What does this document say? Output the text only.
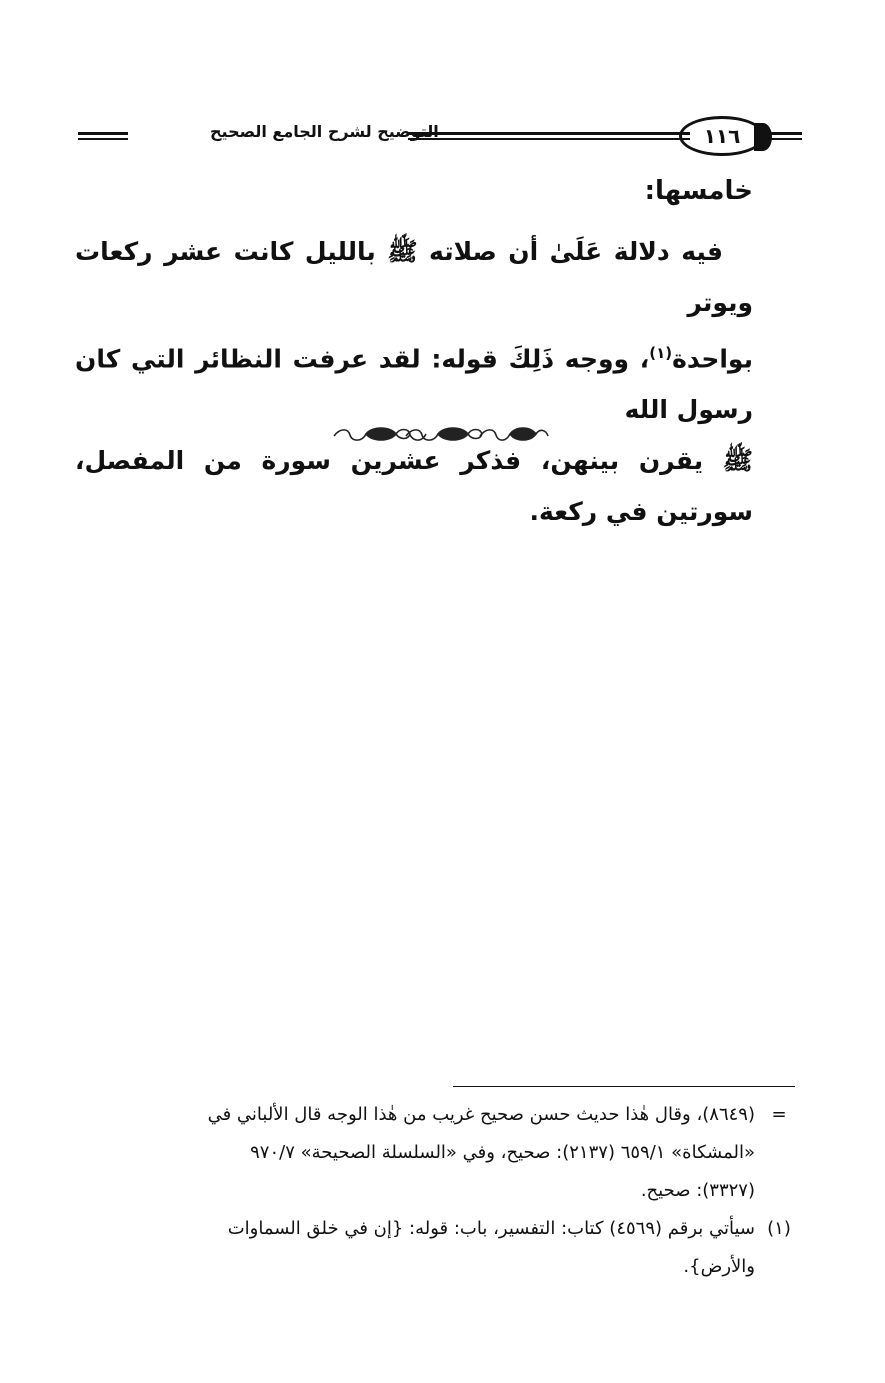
١١٦
التوضيح لشرح الجامع الصحيح
خامسها:

فيه دلالة عَلَىٰ أن صلاته ﷺ بالليل كانت عشر ركعات ويوتر

بواحدة$^{(١)}$، ووجه ذَلِكَ قوله: لقد عرفت النظائر التي كان رسول الله

ﷺ يقرن بينهن، فذكر عشرين سورة من المفصل، سورتين في ركعة.

=

(٨٦٤٩)، وقال هٰذا حديث حسن صحيح غريب من هٰذا الوجه قال الألباني في

«المشكاة» ٦٥٩/١ (٢١٣٧): صحيح، وفي «السلسلة الصحيحة» ٩٧٠/٧

(٣٣٢٧): صحيح.

(١)

سيأتي برقم (٤٥٦٩) كتاب: التفسير، باب: قوله: {إن في خلق السماوات

والأرض}.
